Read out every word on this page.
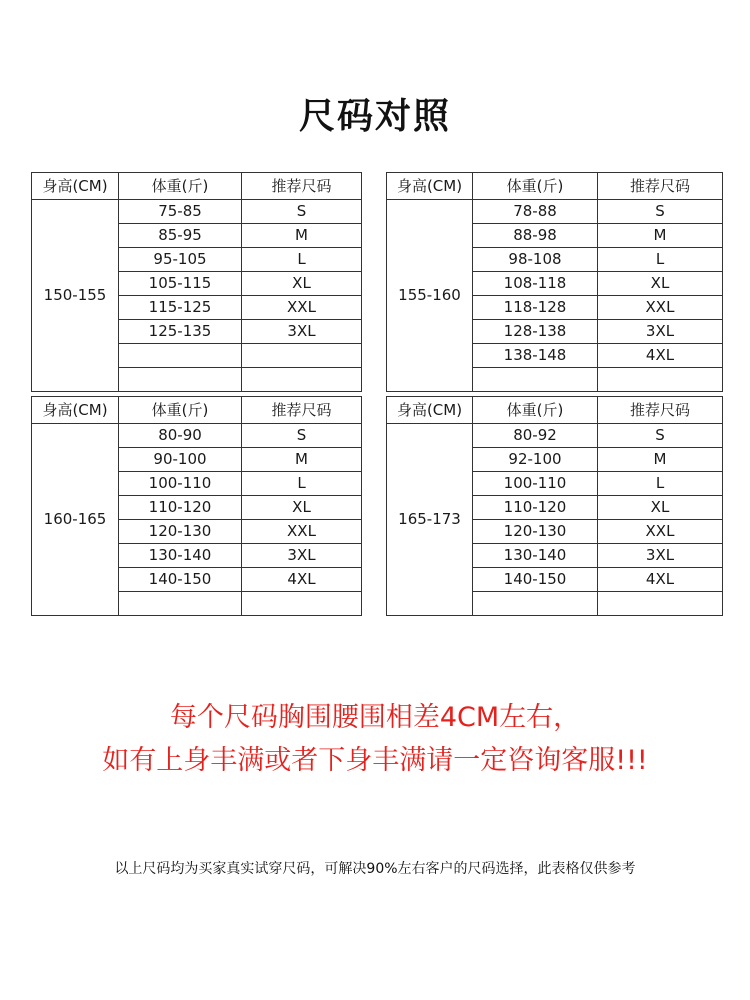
尺码对照
身高(CM)	体重(斤)	推荐尺码
150-155	75-85	S
	85-95	M
	95-105	L
	105-115	XL
	115-125	XXL
	125-135	3XL

身高(CM)	体重(斤)	推荐尺码
155-160	78-88	S
	88-98	M
	98-108	L
	108-118	XL
	118-128	XXL
	128-138	3XL
	138-148	4XL

身高(CM)	体重(斤)	推荐尺码
160-165	80-90	S
	90-100	M
	100-110	L
	110-120	XL
	120-130	XXL
	130-140	3XL
	140-150	4XL

身高(CM)	体重(斤)	推荐尺码
165-173	80-92	S
	92-100	M
	100-110	L
	110-120	XL
	120-130	XXL
	130-140	3XL
	140-150	4XL

每个尺码胸围腰围相差4CM左右，
如有上身丰满或者下身丰满请一定咨询客服!!!
以上尺码均为买家真实试穿尺码，可解决90%左右客户的尺码选择，此表格仅供参考
